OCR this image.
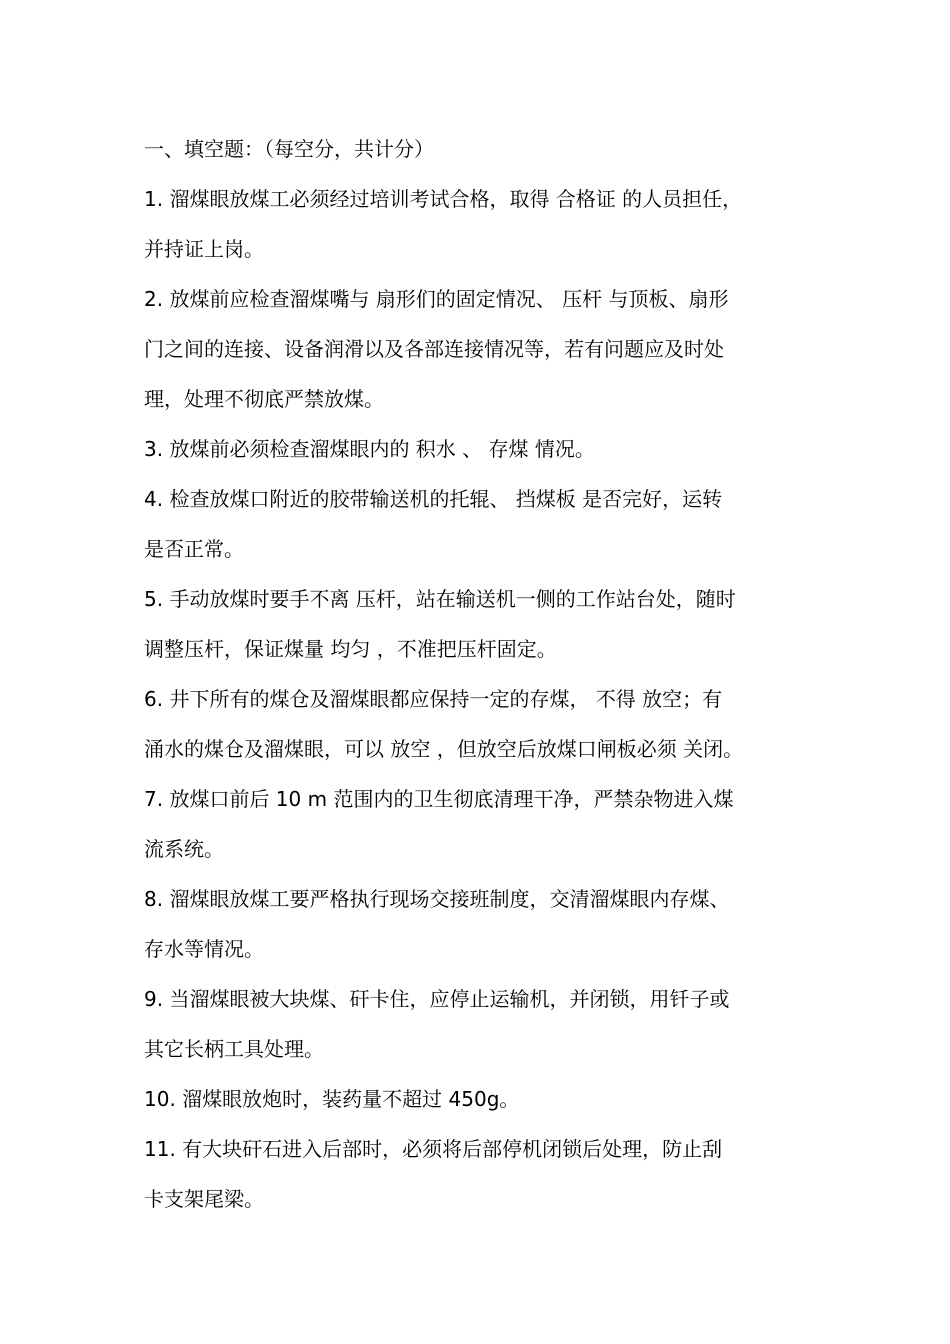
一、填空题：（每空分，共计分）
1. 溜煤眼放煤工必须经过培训考试合格，取得 合格证 的人员担任，
并持证上岗。
2. 放煤前应检查溜煤嘴与 扇形们的固定情况、 压杆 与顶板、扇形
门之间的连接、设备润滑以及各部连接情况等，若有问题应及时处
理，处理不彻底严禁放煤。
3. 放煤前必须检查溜煤眼内的 积水 、 存煤 情况。
4. 检查放煤口附近的胶带输送机的托辊、 挡煤板 是否完好，运转
是否正常。
5. 手动放煤时要手不离 压杆，站在输送机一侧的工作站台处，随时
调整压杆，保证煤量 均匀 ，不准把压杆固定。
6. 井下所有的煤仓及溜煤眼都应保持一定的存煤， 不得 放空；有
涌水的煤仓及溜煤眼，可以 放空 ，但放空后放煤口闸板必须 关闭。
7. 放煤口前后 10 m 范围内的卫生彻底清理干净，严禁杂物进入煤
流系统。
8. 溜煤眼放煤工要严格执行现场交接班制度，交清溜煤眼内存煤、
存水等情况。
9. 当溜煤眼被大块煤、矸卡住，应停止运输机，并闭锁，用钎子或
其它长柄工具处理。
10. 溜煤眼放炮时，装药量不超过 450g。
11. 有大块矸石进入后部时，必须将后部停机闭锁后处理，防止刮
卡支架尾梁。
